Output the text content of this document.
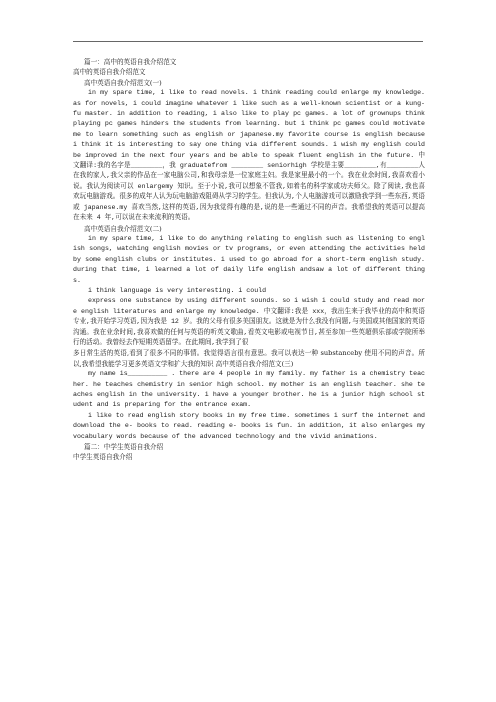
篇一：高中的英语自我介绍范文

高中的英语自我介绍范文

高中英语自我介绍范文(一)

in my spare time, i like to read novels. i think reading could enlarge my knowledge. as for novels, i could imagine whatever i like such as a well-known scientist or a kung-fu master. in addition to reading, i also like to play pc games. a lot of grownups think playing pc games hinders the students from learning. but i think pc games could motivate me to learn something such as english or japanese.my favorite course is english because i think it is interesting to say one thing via different sounds. i wish my english could be improved in the next four years and be able to speak fluent english in the future. 中文翻译:我的名字是________，我 graduatefrom ________ seniorhigh 学校是主要________,有________人在我的家人,我父亲的作品在一家电脑公司,和我母亲是一位家庭主妇。我是家里最小的一个。我在业余时间,我喜欢看小说。我认为阅读可以 enlargemy 知识。至于小说,我可以想象不管我,如着名的科学家或功夫师父。除了阅读,我也喜欢玩电脑游戏。很多的成年人认为玩电脑游戏阻碍从学习的学生。但我认为,个人电脑游戏可以激励我学到一些东西,英语或 japanese.my 喜欢当然,这样的英语,因为我觉得有趣的是,说的是一些通过不同的声音。我希望我的英语可以提高在未来 4 年,可以说在未来流利的英语。

高中英语自我介绍范文(二)

in my spare time, i like to do anything relating to english such as listening to english songs, watching english movies or tv programs, or even attending the activities held by some english clubs or institutes. i used to go abroad for a short-term english study. during that time, i learned a lot of daily life english andsaw a lot of different things.

i think language is very interesting. i could

express one substance by using different sounds. so i wish i could study and read more english literatures and enlarge my knowledge. 中文翻译:我是 xxx，我出生来于我毕业的高中和英语专业,我开始学习英语,因为我是 12 岁。我的父母有很多美国朋友。这就是为什么我没有问题,与美国或其他国家的英语沟通。我在业余时间,我喜欢做的任何与英语的听英文歌曲,看英文电影或电视节目,甚至参加一些英超俱乐部或学院所举行的活动。我曾经去作短期英语留学。在此期间,我学到了很

多日常生活的英语,看到了很多不同的事情。我觉得语言很有意思。我可以表达一种 substanceby 使用不同的声音。所以,我希望我能学习更多英语文学和扩大我的知识 高中英语自我介绍范文(三)

my name is__________ . there are 4 people in my family. my father is a chemistry teacher. he teaches chemistry in senior high school. my mother is an english teacher. she teaches english in the university. i have a younger brother. he is a junior high school student and is preparing for the entrance exam.

i like to read english story books in my free time. sometimes i surf the internet and download the e- books to read. reading e- books is fun. in addition, it also enlarges my vocabulary words because of the advanced technology and the vivid animations.

篇二：中学生英语自我介绍

中学生英语自我介绍
